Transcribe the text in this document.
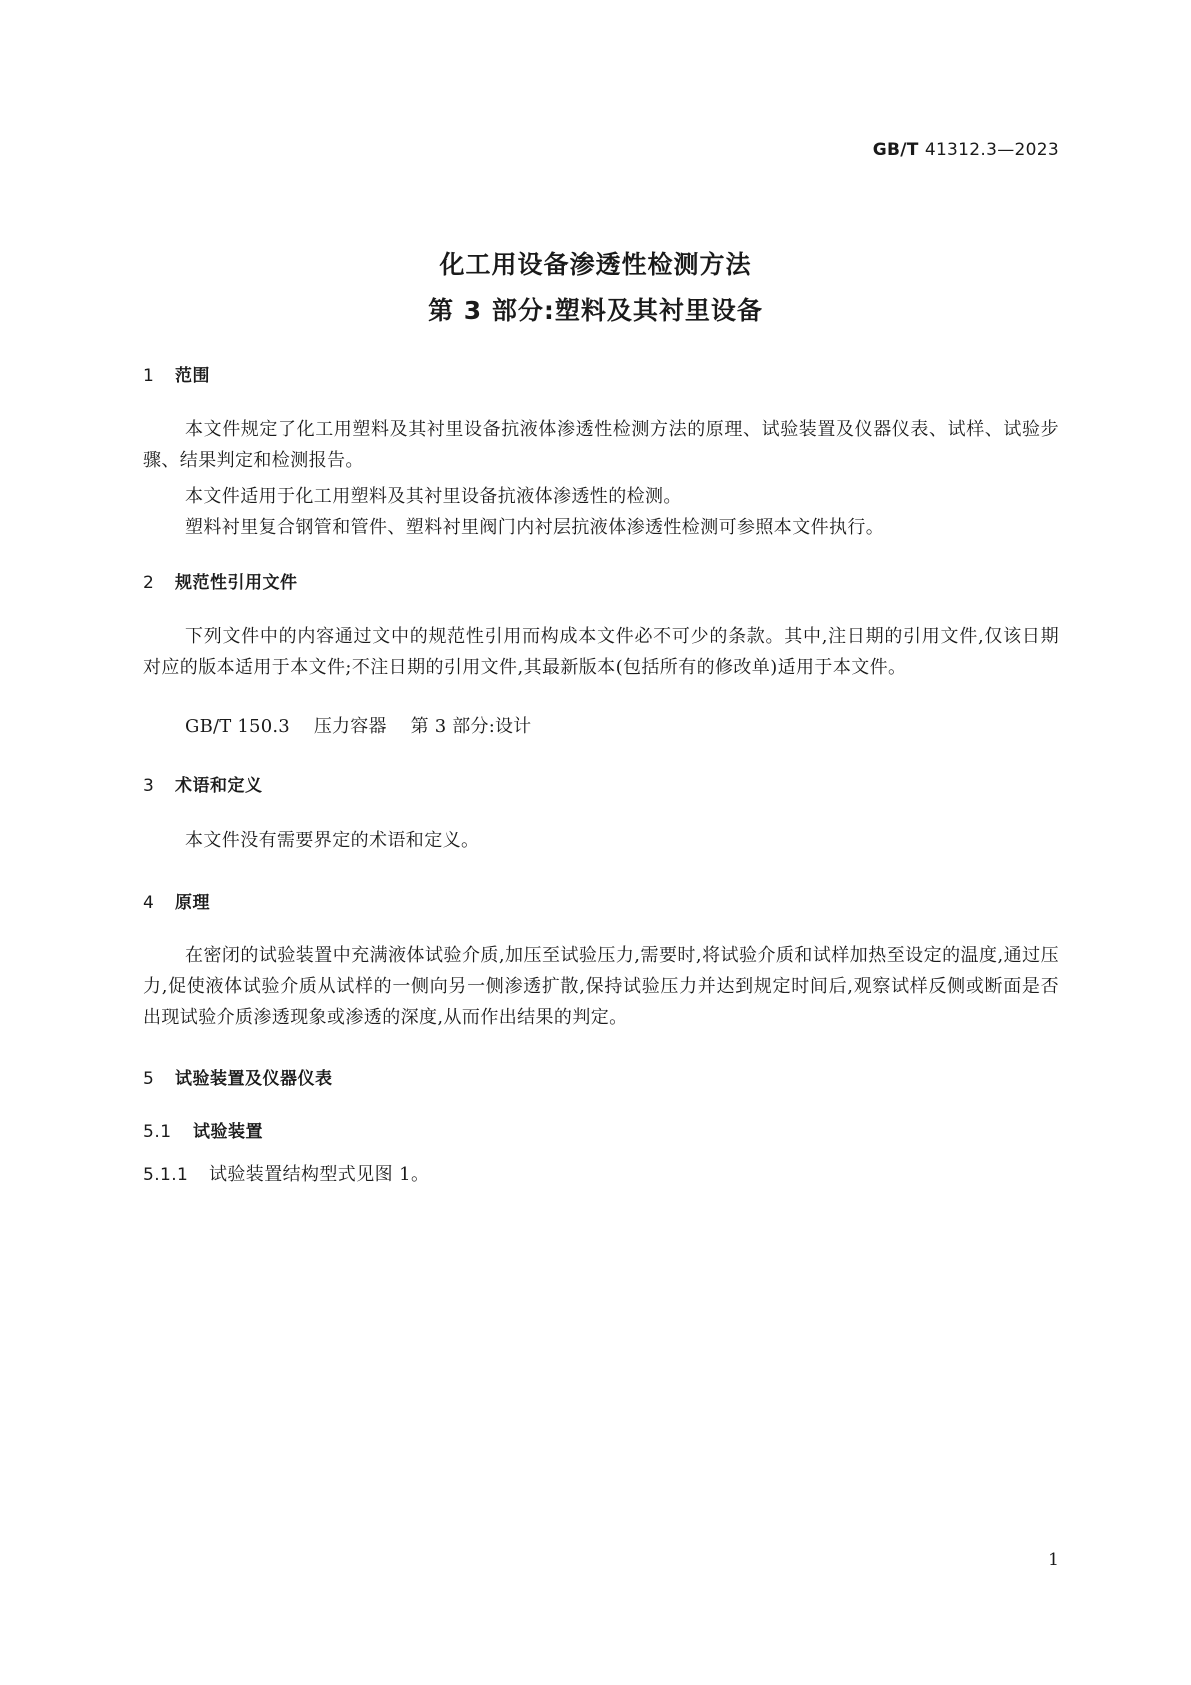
GB/T 41312.3—2023
化工用设备渗透性检测方法
第 3 部分:塑料及其衬里设备
1 范围
本文件规定了化工用塑料及其衬里设备抗液体渗透性检测方法的原理、试验装置及仪器仪表、试样、试验步骤、结果判定和检测报告。
本文件适用于化工用塑料及其衬里设备抗液体渗透性的检测。
塑料衬里复合钢管和管件、塑料衬里阀门内衬层抗液体渗透性检测可参照本文件执行。
2 规范性引用文件
下列文件中的内容通过文中的规范性引用而构成本文件必不可少的条款。其中,注日期的引用文件,仅该日期对应的版本适用于本文件;不注日期的引用文件,其最新版本(包括所有的修改单)适用于本文件。
GB/T 150.3 压力容器 第 3 部分:设计
3 术语和定义
本文件没有需要界定的术语和定义。
4 原理
在密闭的试验装置中充满液体试验介质,加压至试验压力,需要时,将试验介质和试样加热至设定的温度,通过压力,促使液体试验介质从试样的一侧向另一侧渗透扩散,保持试验压力并达到规定时间后,观察试样反侧或断面是否出现试验介质渗透现象或渗透的深度,从而作出结果的判定。
5 试验装置及仪器仪表
5.1 试验装置
5.1.1 试验装置结构型式见图 1。
1
